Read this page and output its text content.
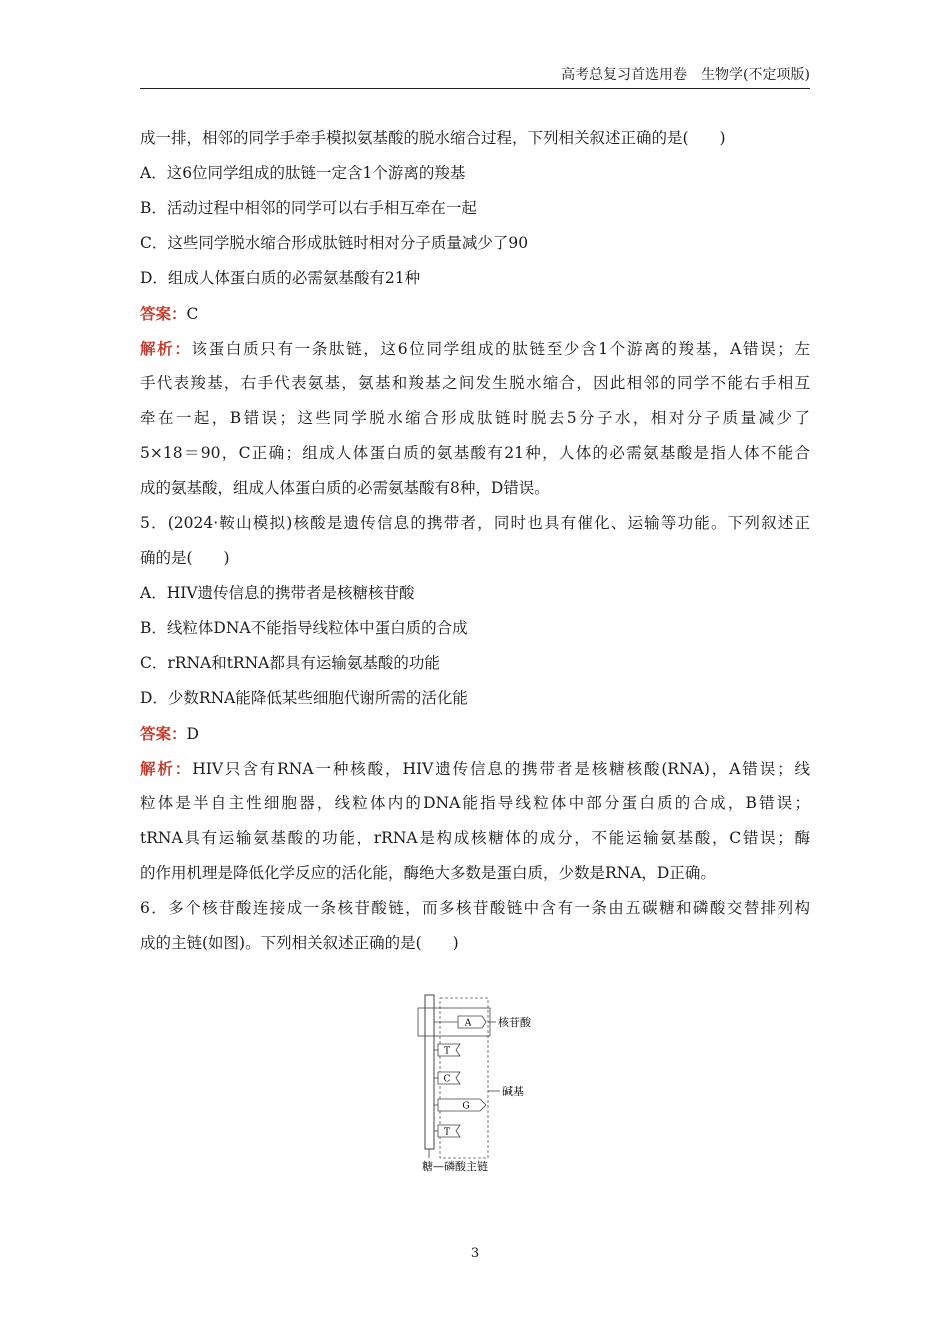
高考总复习首选用卷 生物学(不定项版)
成一排，相邻的同学手牵手模拟氨基酸的脱水缩合过程，下列相关叙述正确的是(　　)
A．这6位同学组成的肽链一定含1个游离的羧基
B．活动过程中相邻的同学可以右手相互牵在一起
C．这些同学脱水缩合形成肽链时相对分子质量减少了90
D．组成人体蛋白质的必需氨基酸有21种
答案：C
解析：该蛋白质只有一条肽链，这6位同学组成的肽链至少含1个游离的羧基，A错误；左
手代表羧基，右手代表氨基，氨基和羧基之间发生脱水缩合，因此相邻的同学不能右手相互
牵在一起，B错误；这些同学脱水缩合形成肽链时脱去5分子水，相对分子质量减少了
5×18＝90，C正确；组成人体蛋白质的氨基酸有21种，人体的必需氨基酸是指人体不能合
成的氨基酸，组成人体蛋白质的必需氨基酸有8种，D错误。
5．(2024·鞍山模拟)核酸是遗传信息的携带者，同时也具有催化、运输等功能。下列叙述正
确的是(　　)
A．HIV遗传信息的携带者是核糖核苷酸
B．线粒体DNA不能指导线粒体中蛋白质的合成
C．rRNA和tRNA都具有运输氨基酸的功能
D．少数RNA能降低某些细胞代谢所需的活化能
答案：D
解析：HIV只含有RNA一种核酸，HIV遗传信息的携带者是核糖核酸(RNA)，A错误；线
粒体是半自主性细胞器，线粒体内的DNA能指导线粒体中部分蛋白质的合成，B错误；
tRNA具有运输氨基酸的功能，rRNA是构成核糖体的成分，不能运输氨基酸，C错误；酶
的作用机理是降低化学反应的活化能，酶绝大多数是蛋白质，少数是RNA，D正确。
6．多个核苷酸连接成一条核苷酸链，而多核苷酸链中含有一条由五碳糖和磷酸交替排列构
成的主链(如图)。下列相关叙述正确的是(　　)
A
T
C
G
T
核苷酸
碱基
糖—磷酸主链
3
